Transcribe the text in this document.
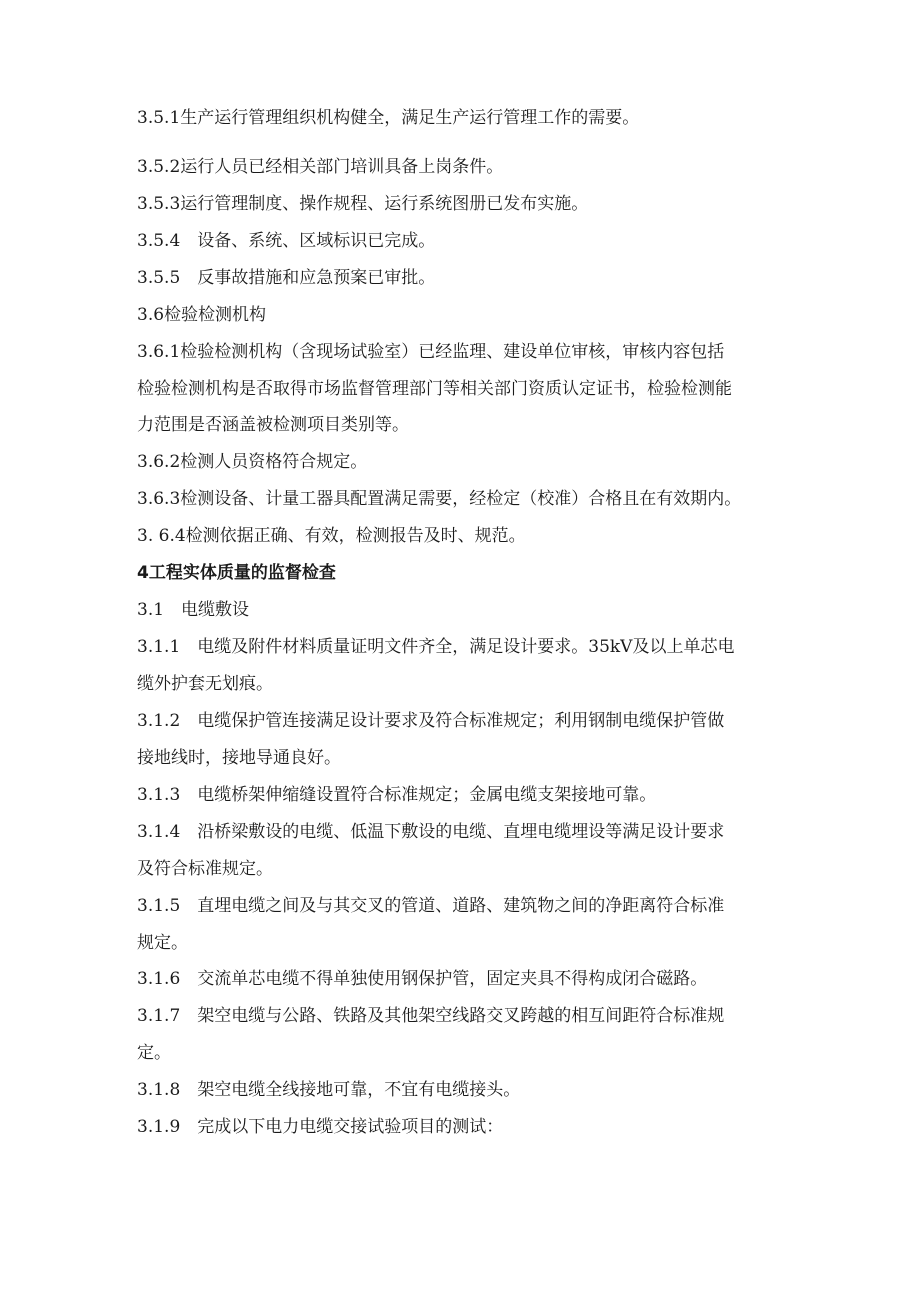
3.5.1生产运行管理组织机构健全，满足生产运行管理工作的需要。
3.5.2运行人员已经相关部门培训具备上岗条件。
3.5.3运行管理制度、操作规程、运行系统图册已发布实施。
3.5.4　设备、系统、区域标识已完成。
3.5.5　反事故措施和应急预案已审批。
3.6检验检测机构
3.6.1检验检测机构（含现场试验室）已经监理、建设单位审核，审核内容包括
检验检测机构是否取得市场监督管理部门等相关部门资质认定证书，检验检测能
力范围是否涵盖被检测项目类别等。
3.6.2检测人员资格符合规定。
3.6.3检测设备、计量工器具配置满足需要，经检定（校准）合格且在有效期内。
3. 6.4检测依据正确、有效，检测报告及时、规范。
4工程实体质量的监督检查
3.1　电缆敷设
3.1.1　电缆及附件材料质量证明文件齐全，满足设计要求。35kV及以上单芯电
缆外护套无划痕。
3.1.2　电缆保护管连接满足设计要求及符合标准规定；利用钢制电缆保护管做
接地线时，接地导通良好。
3.1.3　电缆桥架伸缩缝设置符合标准规定；金属电缆支架接地可靠。
3.1.4　沿桥梁敷设的电缆、低温下敷设的电缆、直埋电缆埋设等满足设计要求
及符合标准规定。
3.1.5　直埋电缆之间及与其交叉的管道、道路、建筑物之间的净距离符合标准
规定。
3.1.6　交流单芯电缆不得单独使用钢保护管，固定夹具不得构成闭合磁路。
3.1.7　架空电缆与公路、铁路及其他架空线路交叉跨越的相互间距符合标准规
定。
3.1.8　架空电缆全线接地可靠，不宜有电缆接头。
3.1.9　完成以下电力电缆交接试验项目的测试：
